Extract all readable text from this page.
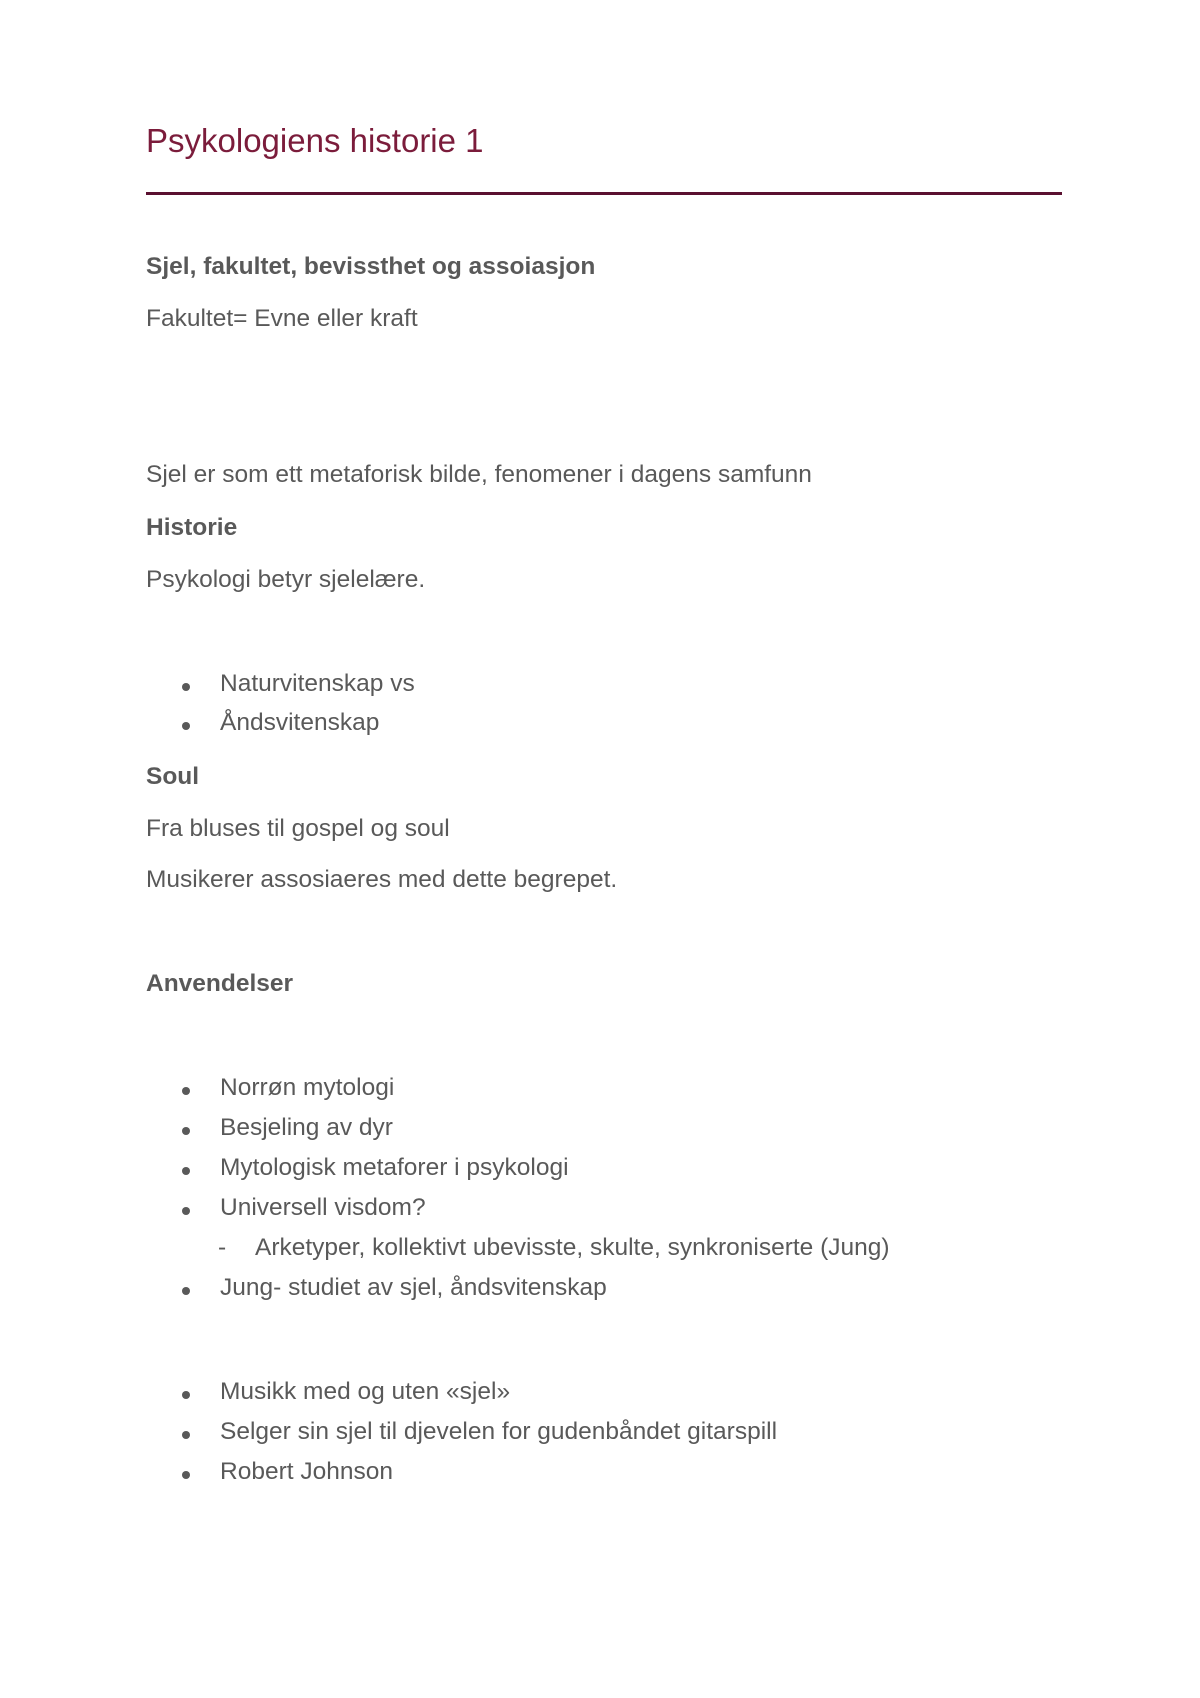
Psykologiens historie 1
Sjel, fakultet, bevissthet og assoiasjon
Fakultet= Evne eller kraft
Sjel er som ett metaforisk bilde, fenomener i dagens samfunn
Historie
Psykologi betyr sjelelære.
Naturvitenskap vs
Åndsvitenskap
Soul
Fra bluses til gospel og soul
Musikerer assosiaeres med dette begrepet.
Anvendelser
Norrøn mytologi
Besjeling av dyr
Mytologisk metaforer i psykologi
Universell visdom?
- Arketyper, kollektivt ubevisste, skulte, synkroniserte (Jung)
Jung- studiet av sjel, åndsvitenskap
Musikk med og uten «sjel»
Selger sin sjel til djevelen for gudenbåndet gitarspill
Robert Johnson
